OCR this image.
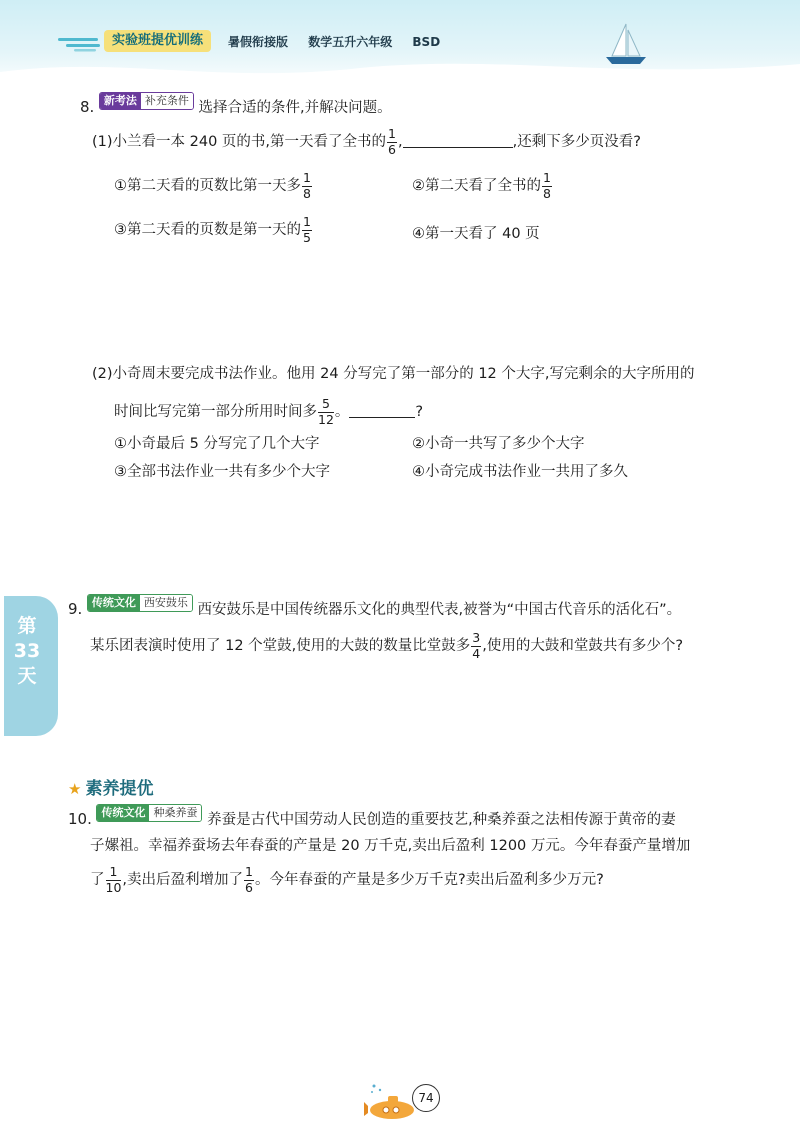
实验班提优训练	暑假衔接版 数学五升六年级 BSD
8. 新考法 补充条件 选择合适的条件,并解决问题。
(1)小兰看一本 240 页的书,第一天看了全书的 $\frac{1}{6}$ ,	,还剩下多少页没看?
①第二天看的页数比第一天多 $\frac{1}{8}$	②第二天看了全书的 $\frac{1}{8}$
③第二天看的页数是第一天的 $\frac{1}{5}$	④第一天看了 40 页
(2)小奇周末要完成书法作业。他用 24 分写完了第一部分的 12 个大字,写完剩余的大字所用的
时间比写完第一部分所用时间多 $\frac{5}{12}$ 。	?
①小奇最后 5 分写完了几个大字	②小奇一共写了多少个大字
③全部书法作业一共有多少个大字	④小奇完成书法作业一共用了多久
第
33
天
9. 传统文化 西安鼓乐 西安鼓乐是中国传统器乐文化的典型代表,被誉为“中国古代音乐的活化石”。
某乐团表演时使用了 12 个堂鼓,使用的大鼓的数量比堂鼓多 $\frac{3}{4}$ ,使用的大鼓和堂鼓共有多少个?
★ 素养提优
10. 传统文化 种桑养蚕 养蚕是古代中国劳动人民创造的重要技艺,种桑养蚕之法相传源于黄帝的妻
子嫘祖。幸福养蚕场去年春蚕的产量是 20 万千克,卖出后盈利 1200 万元。今年春蚕产量增加
了 $\frac{1}{10}$ ,卖出后盈利增加了 $\frac{1}{6}$ 。今年春蚕的产量是多少万千克?卖出后盈利多少万元?
74
